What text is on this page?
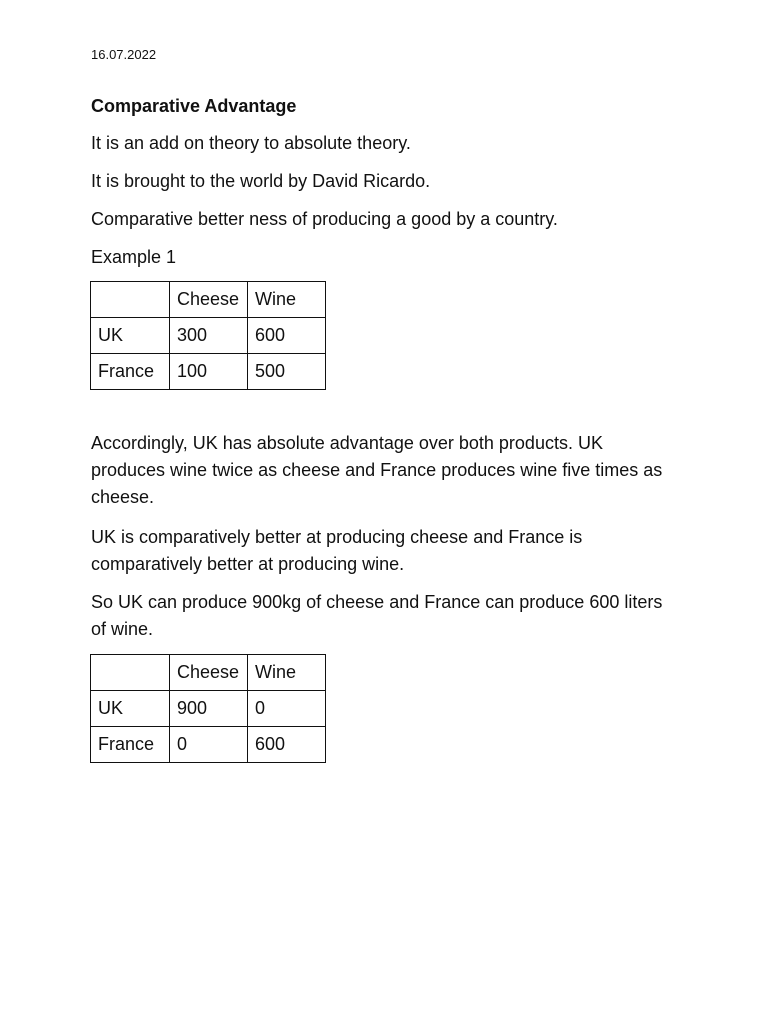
16.07.2022
Comparative Advantage
It is an add on theory to absolute theory.
It is brought to the world by David Ricardo.
Comparative better ness of producing a good by a country.
Example 1
	Cheese	Wine
UK	300	600
France	100	500
Accordingly, UK has absolute advantage over both products. UK produces wine twice as cheese and France produces wine five times as cheese.
UK is comparatively better at producing cheese and France is comparatively better at producing wine.
So UK can produce 900kg of cheese and France can produce 600 liters of wine.
	Cheese	Wine
UK	900	0
France	0	600
